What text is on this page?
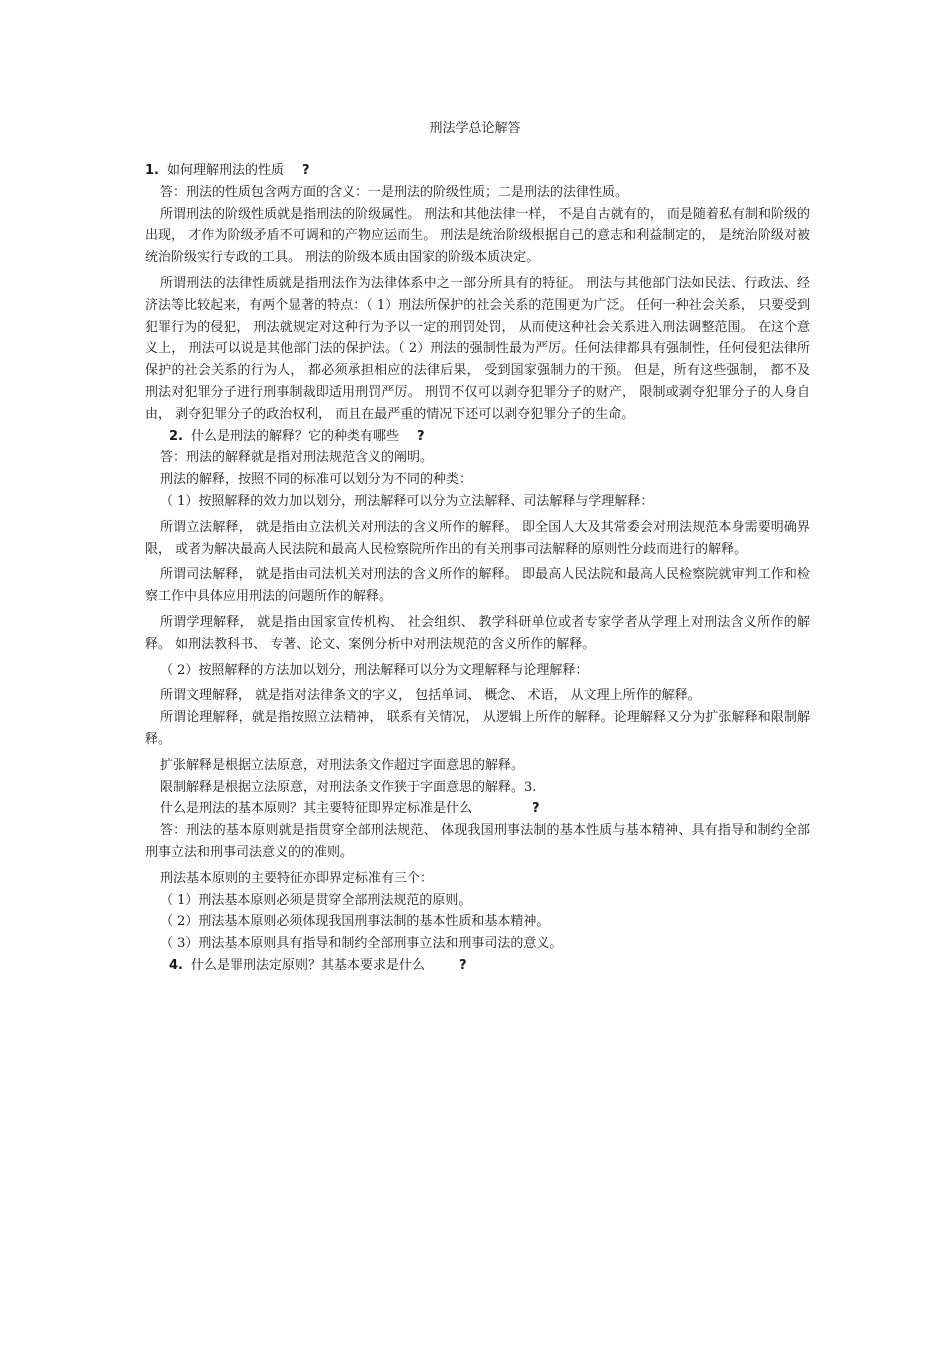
刑法学总论解答

1. 如何理解刑法的性质 ?

答：刑法的性质包含两方面的含义：一是刑法的阶级性质；二是刑法的法律性质。

所谓刑法的阶级性质就是指刑法的阶级属性。 刑法和其他法律一样， 不是自古就有的， 而是随着私有制和阶级的出现， 才作为阶级矛盾不可调和的产物应运而生。 刑法是统治阶级根据自己的意志和利益制定的， 是统治阶级对被统治阶级实行专政的工具。 刑法的阶级本质由国家的阶级本质决定。

所谓刑法的法律性质就是指刑法作为法律体系中之一部分所具有的特征。 刑法与其他部门法如民法、行政法、经济法等比较起来，有两个显著的特点：（ 1）刑法所保护的社会关系的范围更为广泛。 任何一种社会关系， 只要受到犯罪行为的侵犯， 刑法就规定对这种行为予以一定的刑罚处罚， 从而使这种社会关系进入刑法调整范围。 在这个意义上， 刑法可以说是其他部门法的保护法。（ 2）刑法的强制性最为严厉。任何法律都具有强制性，任何侵犯法律所保护的社会关系的行为人， 都必须承担相应的法律后果， 受到国家强制力的干预。 但是，所有这些强制， 都不及刑法对犯罪分子进行刑事制裁即适用刑罚严厉。 刑罚不仅可以剥夺犯罪分子的财产， 限制或剥夺犯罪分子的人身自由， 剥夺犯罪分子的政治权利， 而且在最严重的情况下还可以剥夺犯罪分子的生命。

2. 什么是刑法的解释？它的种类有哪些 ?

答：刑法的解释就是指对刑法规范含义的阐明。

刑法的解释，按照不同的标准可以划分为不同的种类：

（ 1）按照解释的效力加以划分，刑法解释可以分为立法解释、司法解释与学理解释：

所谓立法解释， 就是指由立法机关对刑法的含义所作的解释。 即全国人大及其常委会对刑法规范本身需要明确界限， 或者为解决最高人民法院和最高人民检察院所作出的有关刑事司法解释的原则性分歧而进行的解释。

所谓司法解释， 就是指由司法机关对刑法的含义所作的解释。 即最高人民法院和最高人民检察院就审判工作和检察工作中具体应用刑法的问题所作的解释。

所谓学理解释， 就是指由国家宣传机构、 社会组织、 教学科研单位或者专家学者从学理上对刑法含义所作的解释。 如刑法教科书、 专著、论文、案例分析中对刑法规范的含义所作的解释。

（ 2）按照解释的方法加以划分，刑法解释可以分为文理解释与论理解释：

所谓文理解释， 就是指对法律条文的字义， 包括单词、 概念、 术语， 从文理上所作的解释。

所谓论理解释，就是指按照立法精神， 联系有关情况， 从逻辑上所作的解释。论理解释又分为扩张解释和限制解释。

扩张解释是根据立法原意，对刑法条文作超过字面意思的解释。

限制解释是根据立法原意，对刑法条文作狭于字面意思的解释。3.

什么是刑法的基本原则？其主要特征即界定标准是什么	?

答：刑法的基本原则就是指贯穿全部刑法规范、 体现我国刑事法制的基本性质与基本精神、具有指导和制约全部刑事立法和刑事司法意义的的准则。

刑法基本原则的主要特征亦即界定标准有三个：

（ 1）刑法基本原则必须是贯穿全部刑法规范的原则。

（ 2）刑法基本原则必须体现我国刑事法制的基本性质和基本精神。

（ 3）刑法基本原则具有指导和制约全部刑事立法和刑事司法的意义。

4. 什么是罪刑法定原则？其基本要求是什么	?
